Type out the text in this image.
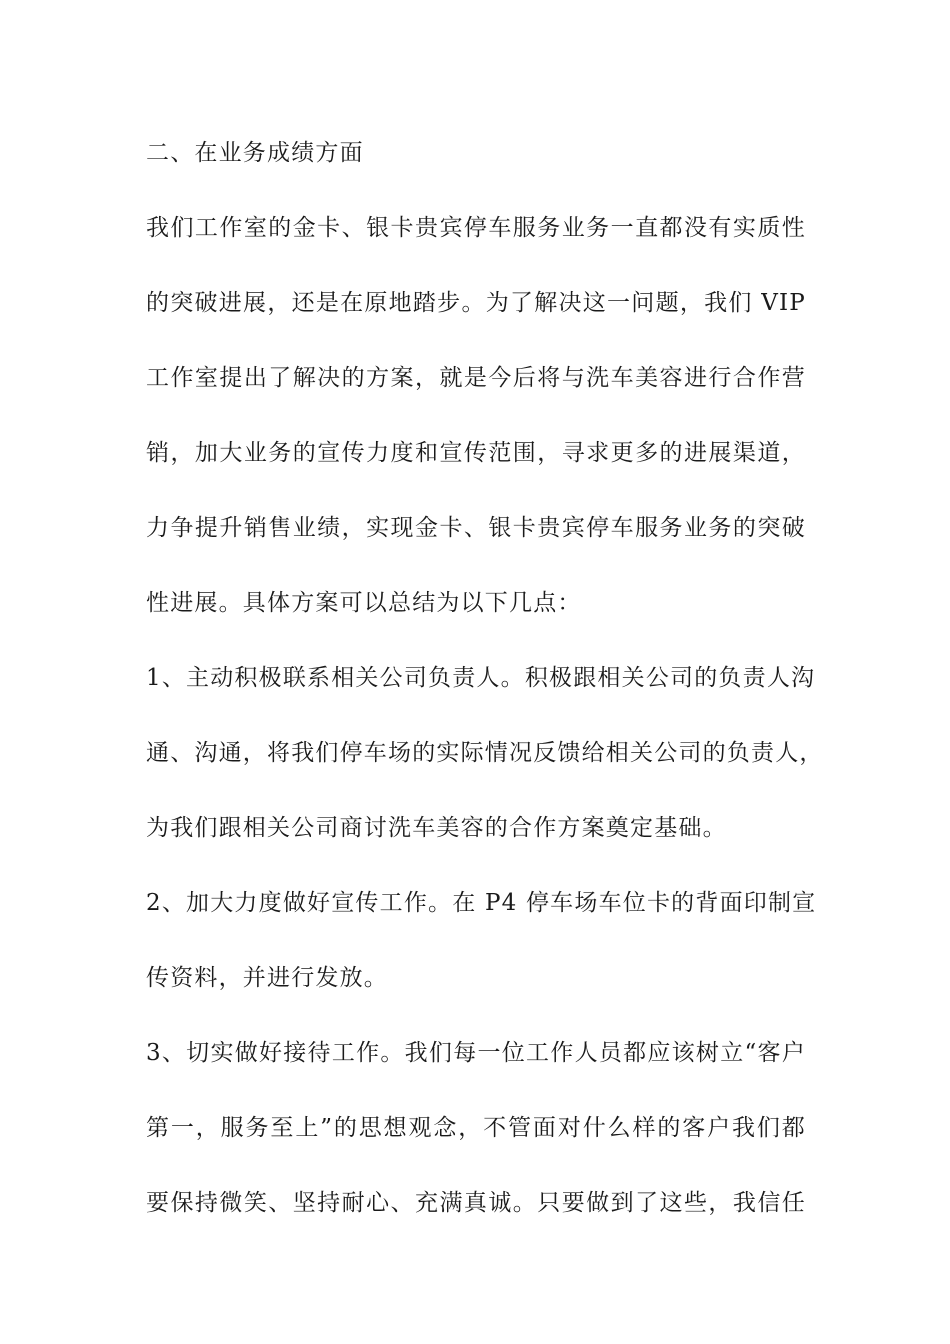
二、在业务成绩方面
我们工作室的金卡、银卡贵宾停车服务业务一直都没有实质性
的突破进展，还是在原地踏步。为了解决这一问题，我们 VIP
工作室提出了解决的方案，就是今后将与洗车美容进行合作营
销，加大业务的宣传力度和宣传范围，寻求更多的进展渠道，
力争提升销售业绩，实现金卡、银卡贵宾停车服务业务的突破
性进展。具体方案可以总结为以下几点：
1、主动积极联系相关公司负责人。积极跟相关公司的负责人沟
通、沟通，将我们停车场的实际情况反馈给相关公司的负责人，
为我们跟相关公司商讨洗车美容的合作方案奠定基础。
2、加大力度做好宣传工作。在 P4 停车场车位卡的背面印制宣
传资料，并进行发放。
3、切实做好接待工作。我们每一位工作人员都应该树立“客户
第一，服务至上”的思想观念，不管面对什么样的客户我们都
要保持微笑、坚持耐心、充满真诚。只要做到了这些，我信任
